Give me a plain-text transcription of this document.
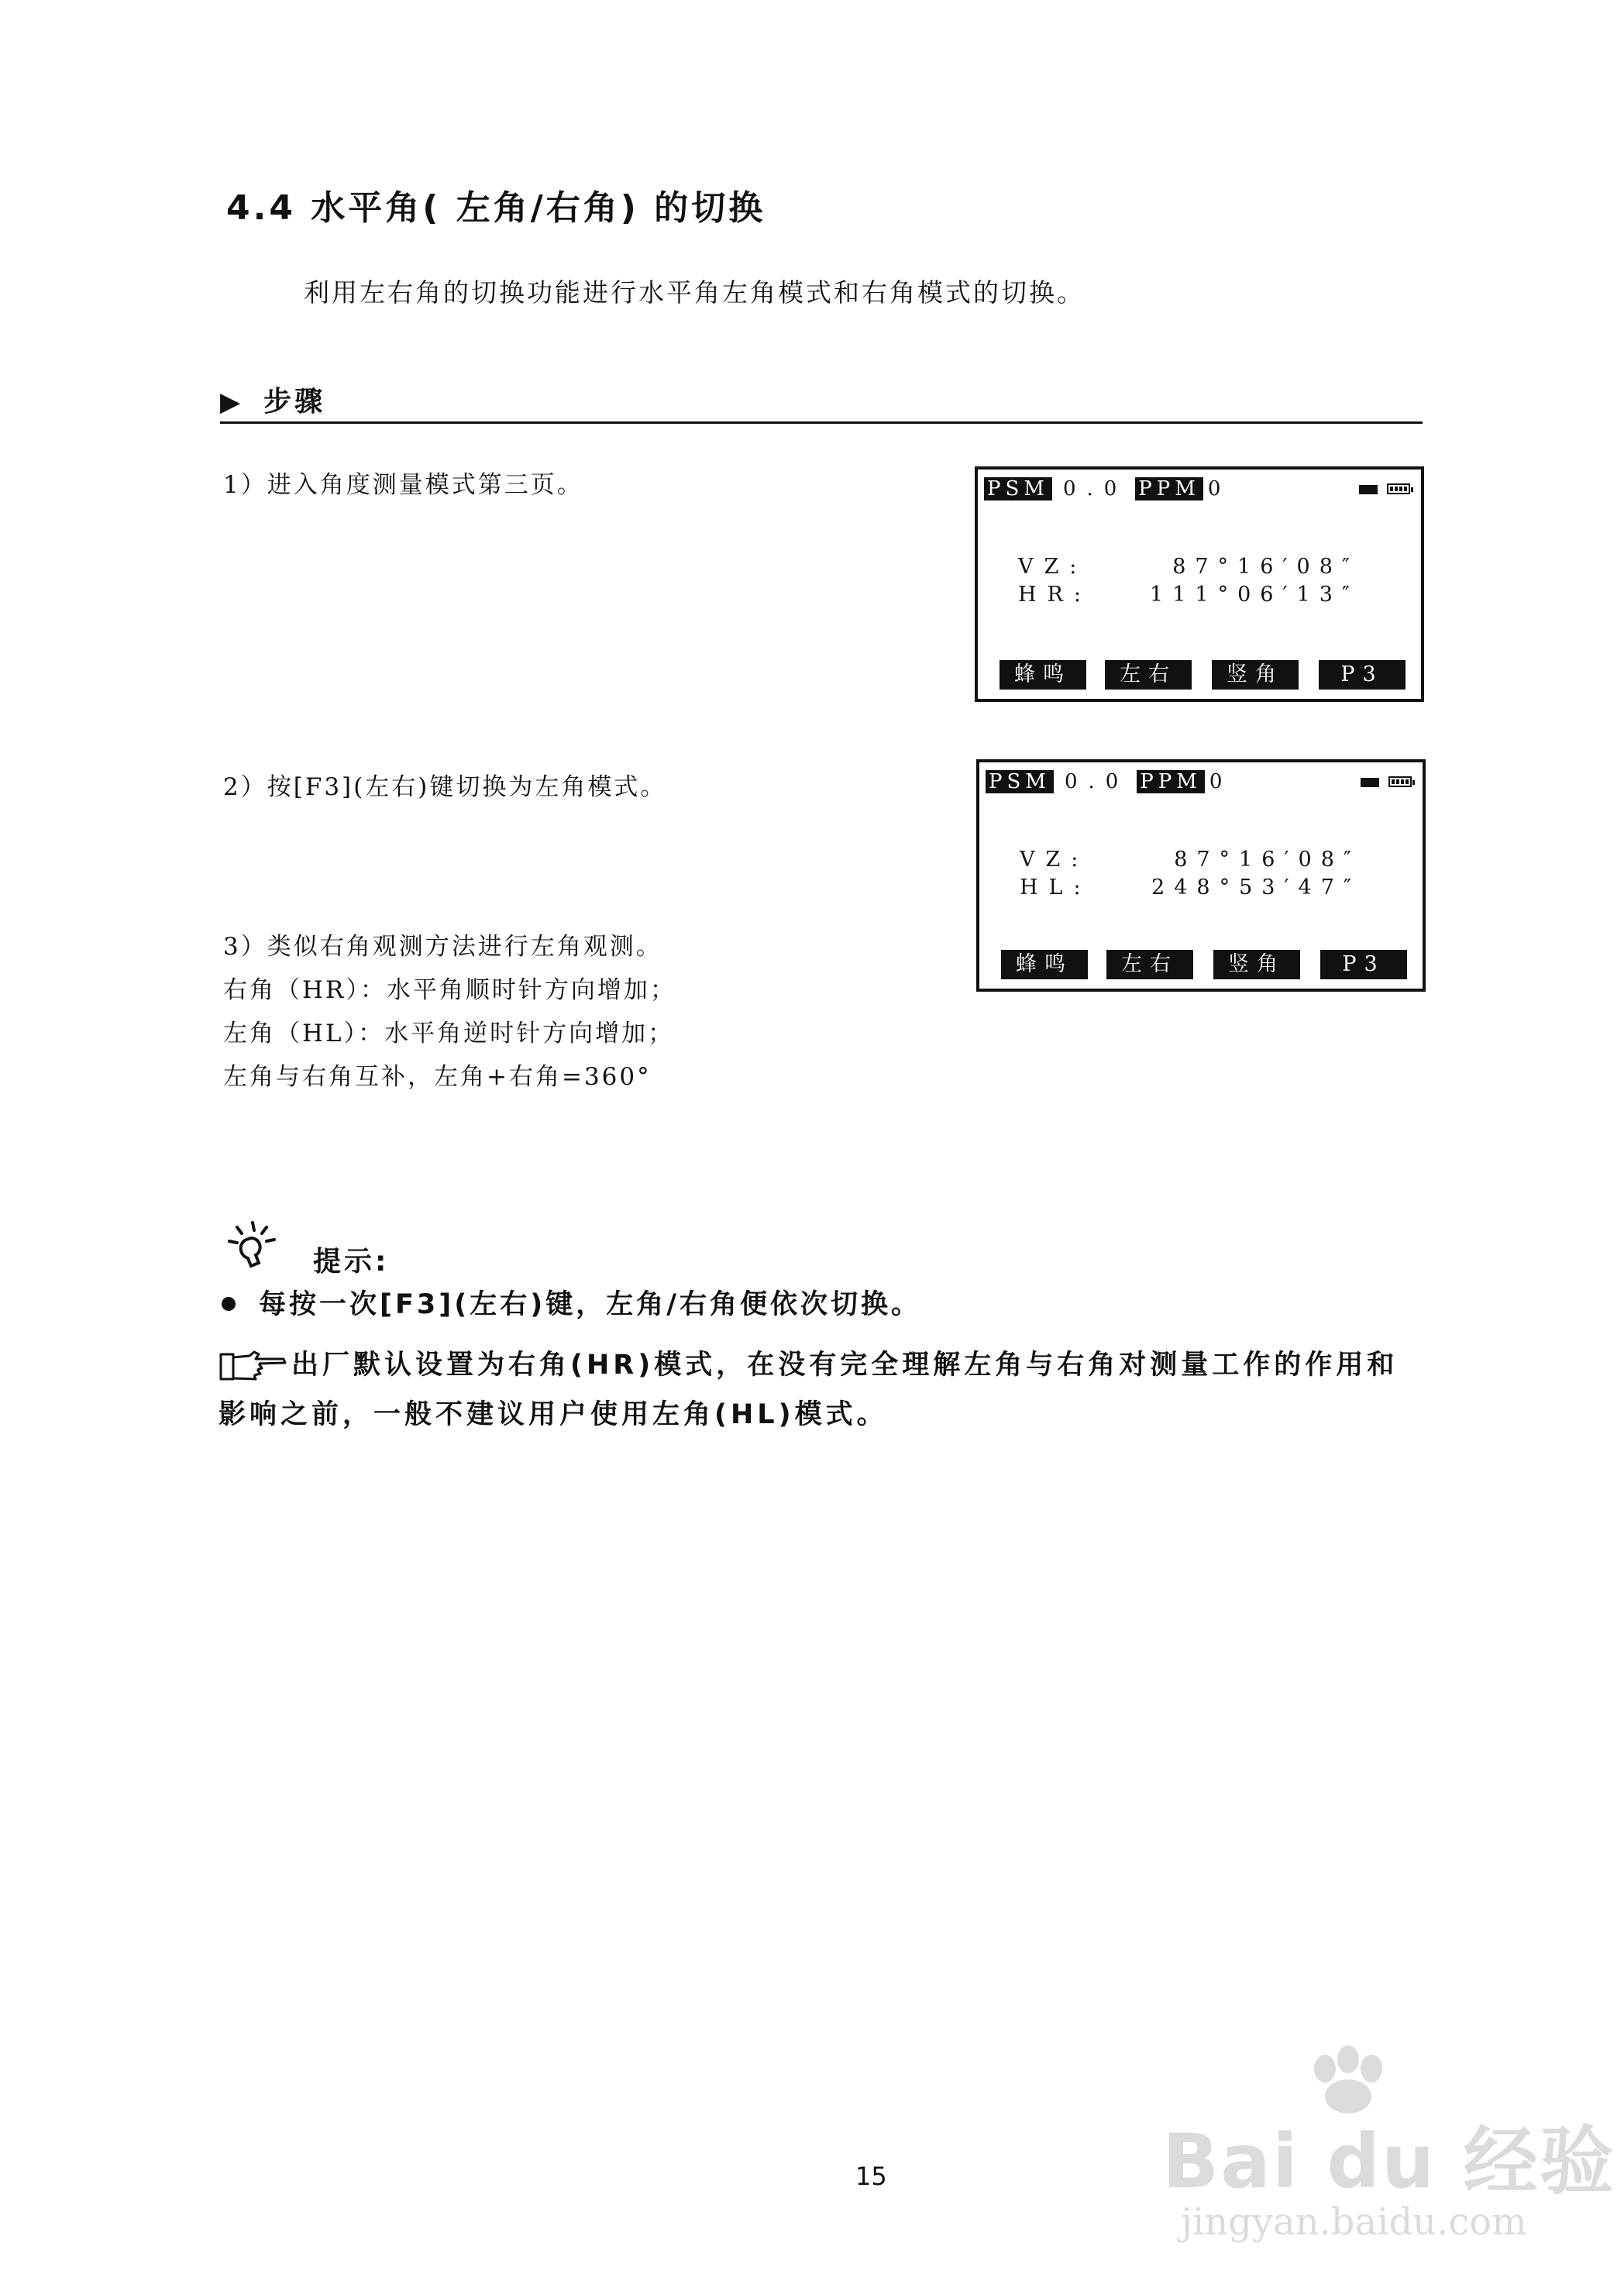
4.4 水平角( 左角/右角) 的切换
利用左右角的切换功能进行水平角左角模式和右角模式的切换。
▶ 步骤
1）进入角度测量模式第三页。
2）按[F3](左右)键切换为左角模式。
3）类似右角观测方法进行左角观测。
右角（HR）：水平角顺时针方向增加；
左角（HL）：水平角逆时针方向增加；
左角与右角互补，左角+右角=360°
PSM 0.0 PPM 0
VZ:	87°16′08″
HR:	111°06′13″
蜂鸣	左右	竖角	P3
PSM 0.0 PPM 0
VZ:	87°16′08″
HL:	248°53′47″
蜂鸣	左右	竖角	P3
提示:
每按一次[F3](左右)键，左角/右角便依次切换。
出厂默认设置为右角(HR)模式，在没有完全理解左角与右角对测量工作的作用和影响之前，一般不建议用户使用左角(HL)模式。
15	Bai du 经验
jingyan.baidu.com
